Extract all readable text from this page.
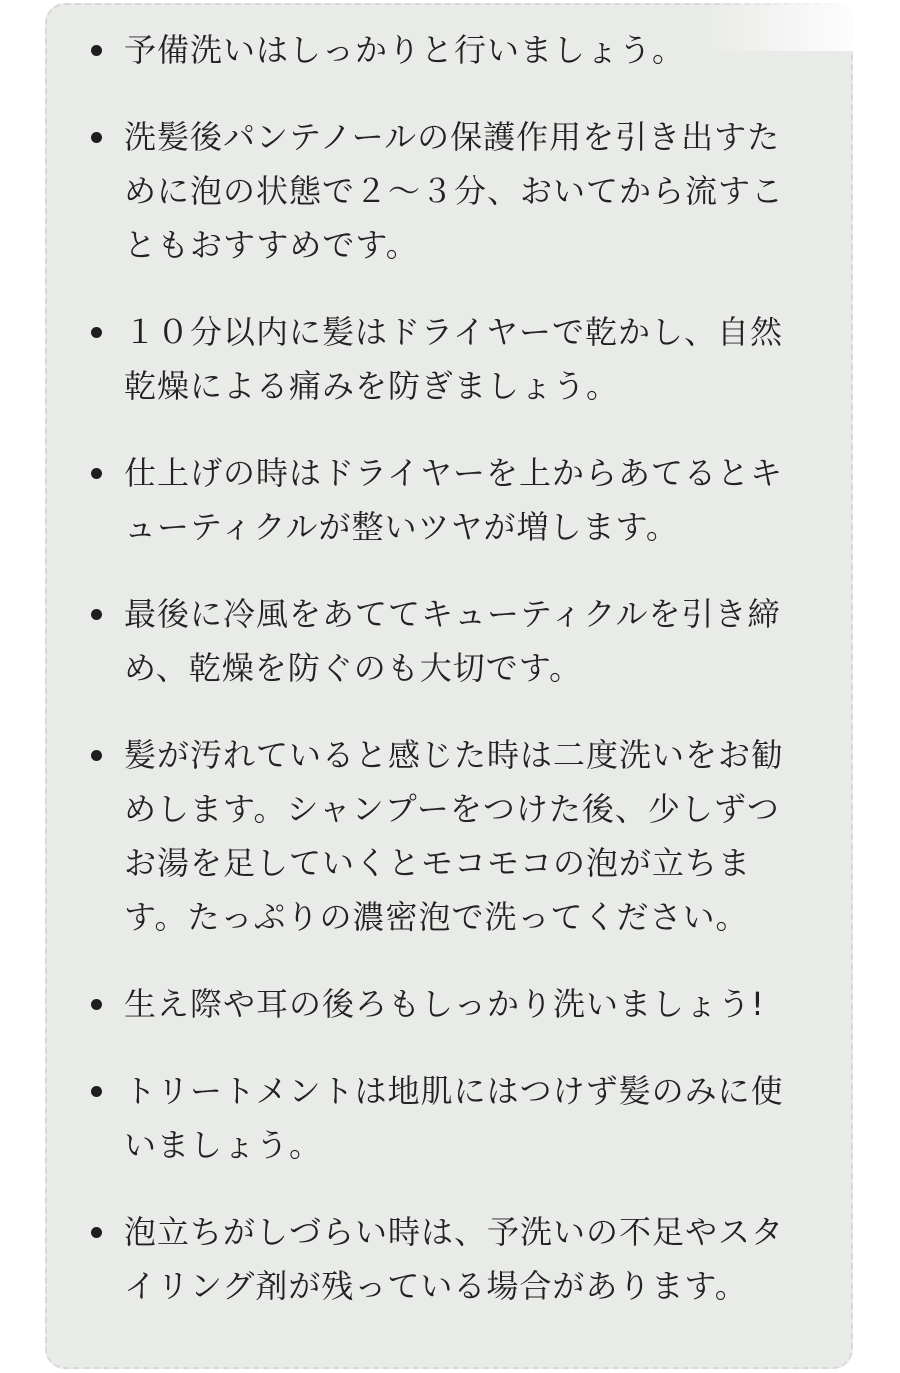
予備洗いはしっかりと行いましょう。
洗髪後パンテノールの保護作用を引き出すために泡の状態で２〜３分、おいてから流すこともおすすめです。
１０分以内に髪はドライヤーで乾かし、自然乾燥による痛みを防ぎましょう。
仕上げの時はドライヤーを上からあてるとキューティクルが整いツヤが増します。
最後に冷風をあててキューティクルを引き締め、乾燥を防ぐのも大切です。
髪が汚れていると感じた時は二度洗いをお勧めします。シャンプーをつけた後、少しずつお湯を足していくとモコモコの泡が立ちます。たっぷりの濃密泡で洗ってください。
生え際や耳の後ろもしっかり洗いましょう!
トリートメントは地肌にはつけず髪のみに使いましょう。
泡立ちがしづらい時は、予洗いの不足やスタイリング剤が残っている場合があります。
